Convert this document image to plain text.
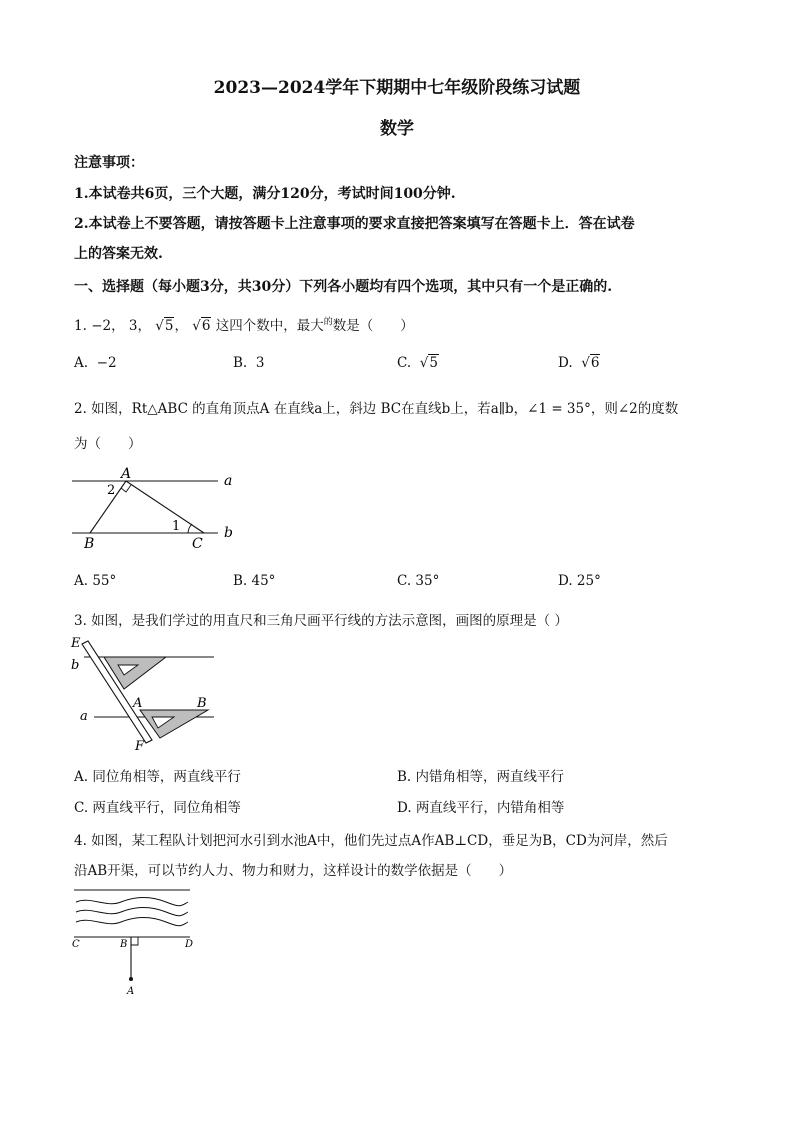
2023—2024学年下期期中七年级阶段练习试题
数学
注意事项：
1.本试卷共6页，三个大题，满分120分，考试时间100分钟.
2.本试卷上不要答题，请按答题卡上注意事项的要求直接把答案填写在答题卡上．答在试卷
上的答案无效.
一、选择题（每小题3分，共30分）下列各小题均有四个选项，其中只有一个是正确的.
1. −2， 3， √5， √6 这四个数中，最大$^的$数是（　　）
A. −2	B. 3	C. √5	D. √6
2. 如图，Rt△ABC 的直角顶点A 在直线a上，斜边 BC在直线b上，若a∥b，∠1 = 35°，则∠2的度数
为（　　）
A
B	C
a
b
1
2
A. 55°	B. 45°	C. 35°	D. 25°
3. 如图，是我们学过的用直尺和三角尺画平行线的方法示意图，画图的原理是（ ）
E
b
a
A	B
F
A. 同位角相等，两直线平行	B. 内错角相等，两直线平行
C. 两直线平行，同位角相等	D. 两直线平行，内错角相等
4. 如图，某工程队计划把河水引到水池A中，他们先过点A作AB⊥CD，垂足为B，CD为河岸，然后
沿AB开渠，可以节约人力、物力和财力，这样设计的数学依据是（　　）
C	B	D
A
